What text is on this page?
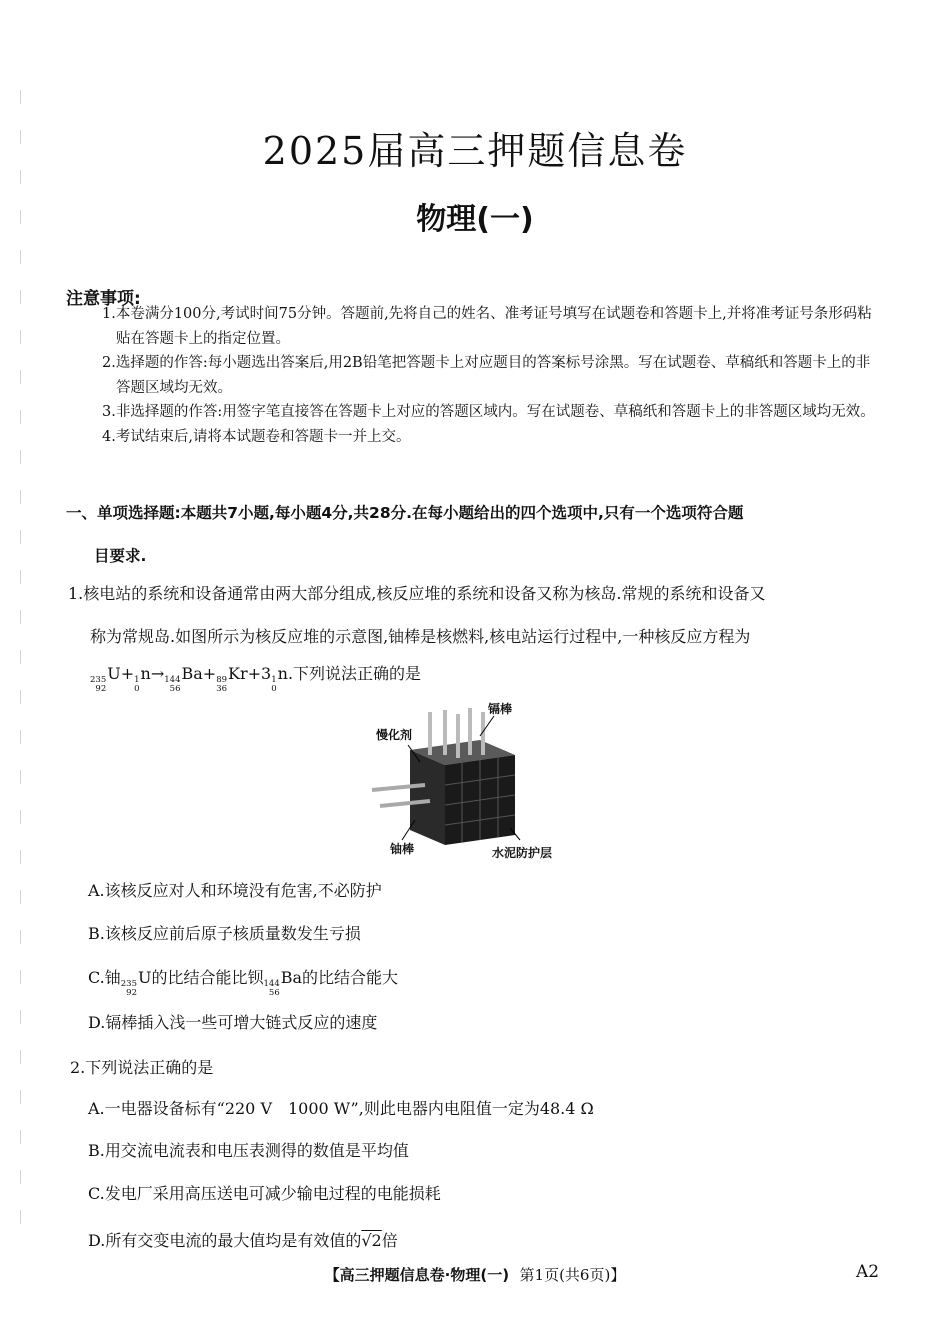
2025届高三押题信息卷
物理(一)
注意事项:

1.本卷满分100分,考试时间75分钟。答题前,先将自己的姓名、准考证号填写在试题卷和答题卡上,并将准考证号条形码粘贴在答题卡上的指定位置。

2.选择题的作答:每小题选出答案后,用2B铅笔把答题卡上对应题目的答案标号涂黑。写在试题卷、草稿纸和答题卡上的非答题区域均无效。

3.非选择题的作答:用签字笔直接答在答题卡上对应的答题区域内。写在试题卷、草稿纸和答题卡上的非答题区域均无效。

4.考试结束后,请将本试题卷和答题卡一并上交。

一、单项选择题:本题共7小题,每小题4分,共28分.在每小题给出的四个选项中,只有一个选项符合题
目要求.
1.核电站的系统和设备通常由两大部分组成,核反应堆的系统和设备又称为核岛.常规的系统和设备又
称为常规岛.如图所示为核反应堆的示意图,铀棒是核燃料,核电站运行过程中,一种核反应方程为
235
92
U+ 1
0
n→ 144
56
Ba+ 89
36
Kr+3 1
0
n.下列说法正确的是
慢化剂
镉棒
铀棒	水泥防护层
A.该核反应对人和环境没有危害,不必防护
B.该核反应前后原子核质量数发生亏损
C.铀 235
92
U的比结合能比钡 144
56
Ba的比结合能大
D.镉棒插入浅一些可增大链式反应的速度
2.下列说法正确的是
A.一电器设备标有“220 V　1000 W”,则此电器内电阻值一定为48.4 Ω
B.用交流电流表和电压表测得的数值是平均值
C.发电厂采用高压送电可减少输电过程的电能损耗
D.所有交变电流的最大值均是有效值的√2倍
【高三押题信息卷·物理(一) 第1页(共6页)】	A2
